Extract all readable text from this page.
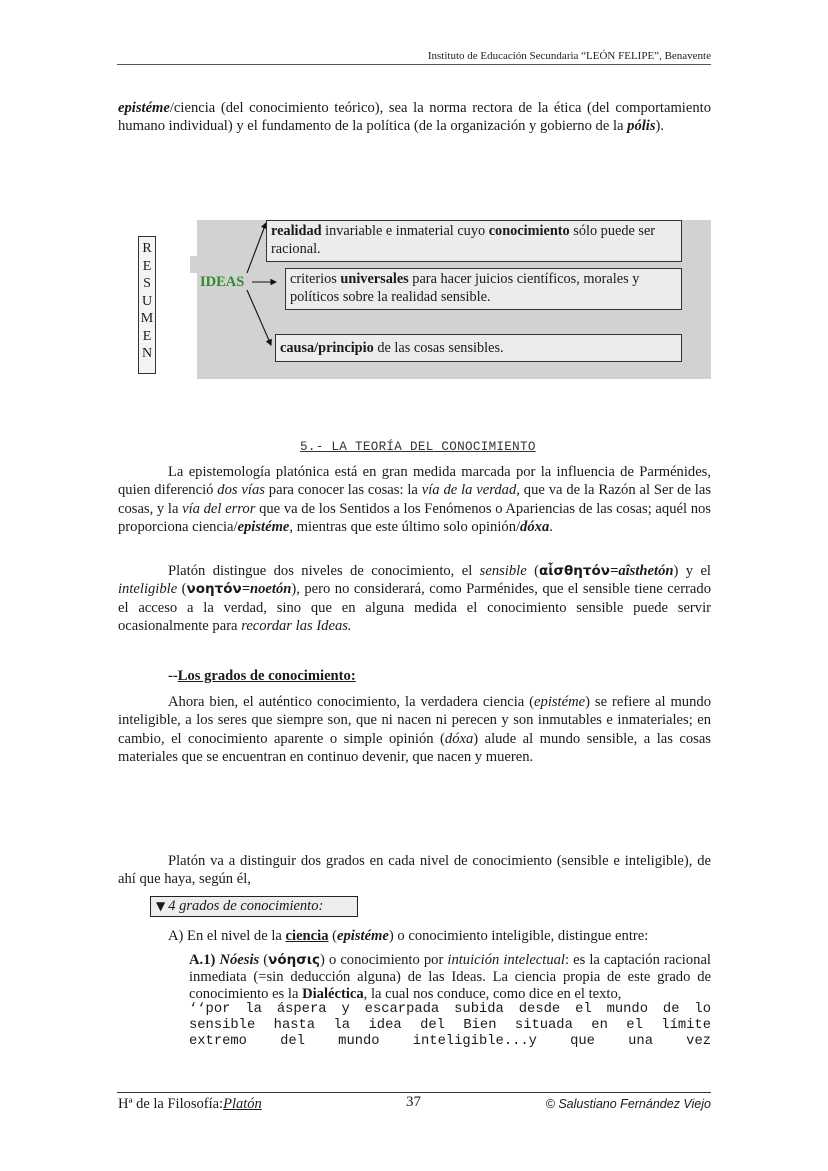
Instituto de Educación Secundaria “LEÓN FELIPE”, Benavente
epistéme/ciencia (del conocimiento teórico), sea la norma rectora de la ética (del comportamiento humano individual) y el fundamento de la política (de la organización y gobierno de la pólis).
R
E
S
U
M
E
N
IDEAS
realidad invariable e inmaterial cuyo conocimiento sólo puede ser racional.
criterios universales para hacer juicios científicos, morales y políticos sobre la realidad sensible.
causa/principio de las cosas sensibles.
5.- LA TEORÍA DEL CONOCIMIENTO
La epistemología platónica está en gran medida marcada por la influencia de Parménides, quien diferenció dos vías para conocer las cosas: la vía de la verdad, que va de la Razón al Ser de las cosas, y la vía del error que va de los Sentidos a los Fenómenos o Apariencias de las cosas; aquél nos proporciona ciencia/epistéme, mientras que este último solo opinión/dóxa.
Platón distingue dos niveles de conocimiento, el sensible (αἶσθητόν=aîsthetón) y el inteligible (νοητόν=noetón), pero no considerará, como Parménides, que el sensible tiene cerrado el acceso a la verdad, sino que en alguna medida el conocimiento sensible puede servir ocasionalmente para recordar las Ideas.
--Los grados de conocimiento:
Ahora bien, el auténtico conocimiento, la verdadera ciencia (epistéme) se refiere al mundo inteligible, a los seres que siempre son, que ni nacen ni perecen y son inmutables e inmateriales; en cambio, el conocimiento aparente o simple opinión (dóxa) alude al mundo sensible, a las cosas materiales que se encuentran en continuo devenir, que nacen y mueren.
Platón va a distinguir dos grados en cada nivel de conocimiento (sensible e inteligible), de ahí que haya, según él,
▼ 4 grados de conocimiento:
A) En el nivel de la ciencia (epistéme) o conocimiento inteligible, distingue entre:
A.1) Nóesis (νόησις) o conocimiento por intuición intelectual: es la captación racional inmediata (=sin deducción alguna) de las Ideas. La ciencia propia de este grado de conocimiento es la Dialéctica, la cual nos conduce, como dice en el texto,
‘‘por la áspera y escarpada subida desde el mundo de lo
sensible hasta la idea del Bien situada en el límite
extremo del mundo inteligible...y que una vez
Hª de la Filosofía:Platón	37	© Salustiano Fernández Viejo
